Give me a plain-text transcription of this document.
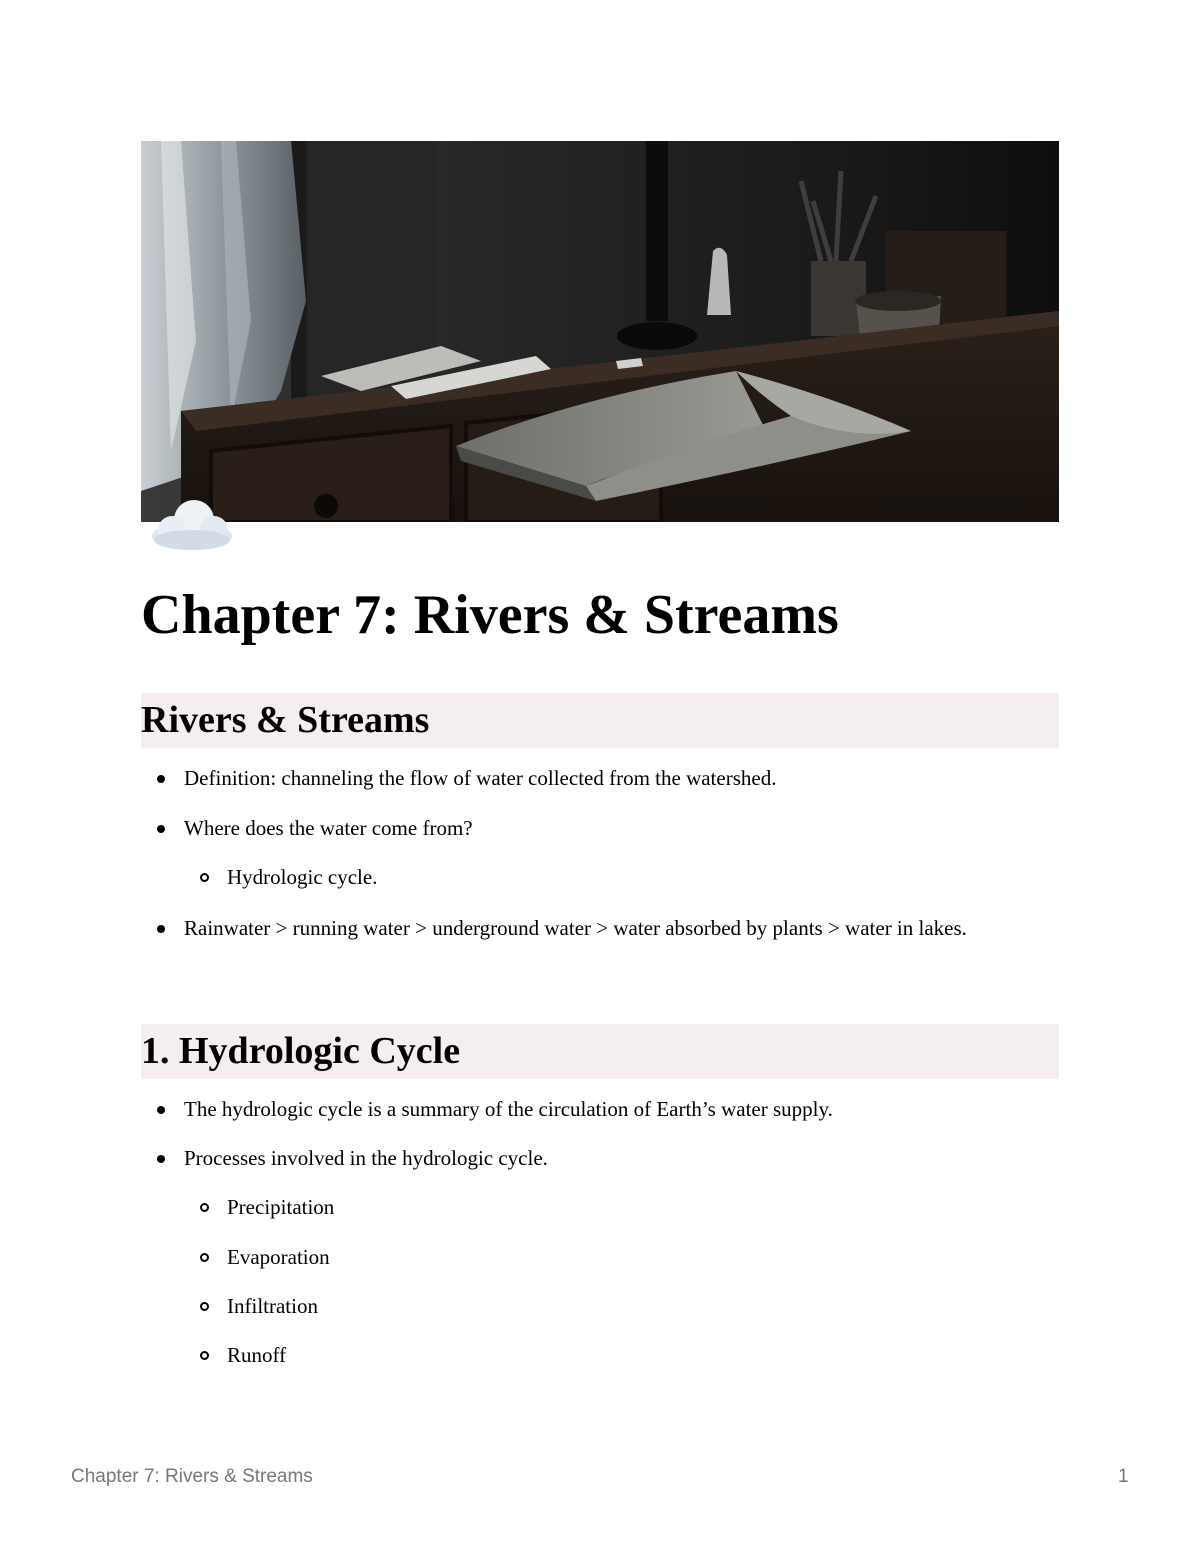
Chapter 7: Rivers & Streams
Rivers & Streams
Definition: channeling the flow of water collected from the watershed.
Where does the water come from?
Hydrologic cycle.
Rainwater > running water > underground water > water absorbed by plants > water in lakes.
1. Hydrologic Cycle
The hydrologic cycle is a summary of the circulation of Earth’s water supply.
Processes involved in the hydrologic cycle.
Precipitation
Evaporation
Infiltration
Runoff
Chapter 7: Rivers & Streams	1
